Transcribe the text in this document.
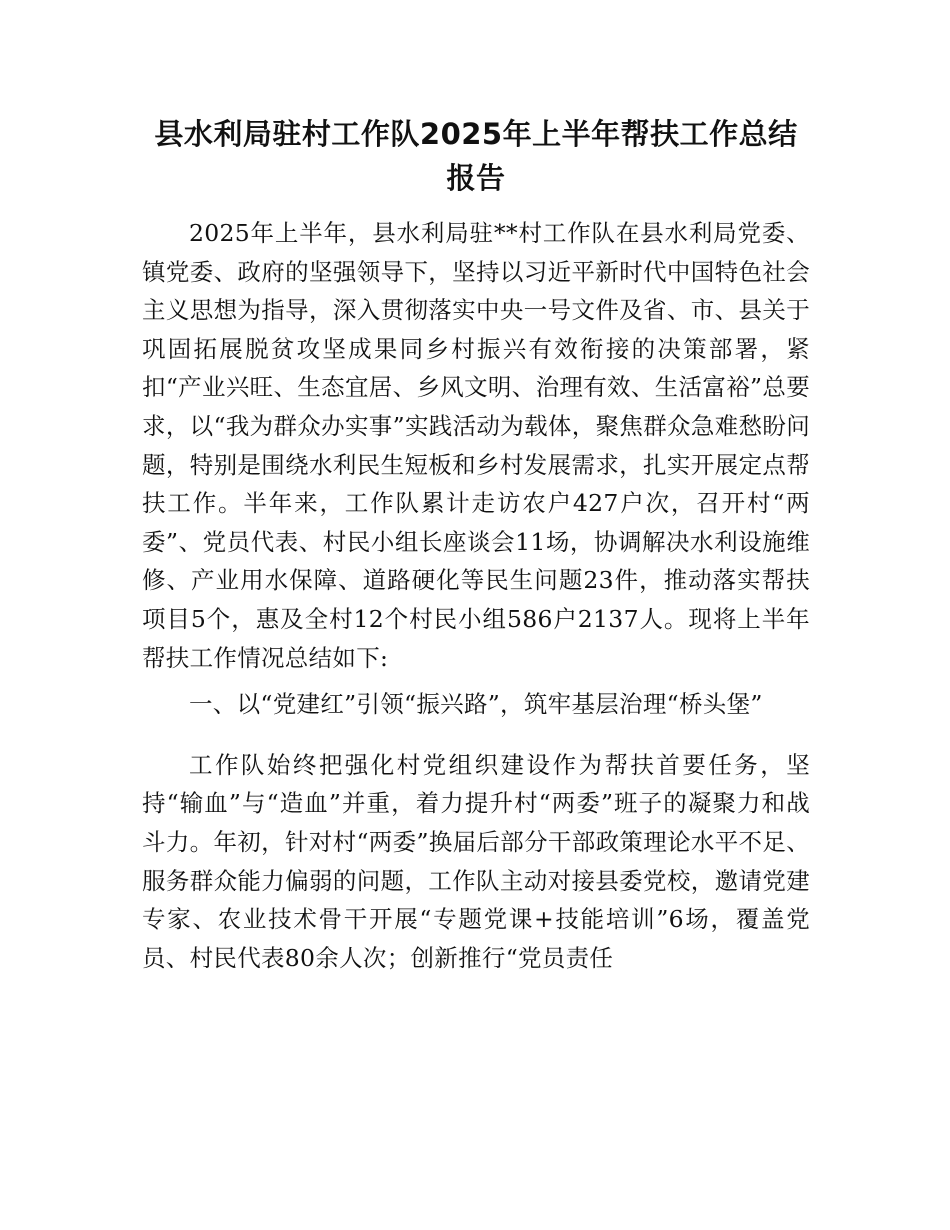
县水利局驻村工作队2025年上半年帮扶工作总结报告

2025年上半年，县水利局驻**村工作队在县水利局党委、镇党委、政府的坚强领导下，坚持以习近平新时代中国特色社会主义思想为指导，深入贯彻落实中央一号文件及省、市、县关于巩固拓展脱贫攻坚成果同乡村振兴有效衔接的决策部署，紧扣“产业兴旺、生态宜居、乡风文明、治理有效、生活富裕”总要求，以“我为群众办实事”实践活动为载体，聚焦群众急难愁盼问题，特别是围绕水利民生短板和乡村发展需求，扎实开展定点帮扶工作。半年来，工作队累计走访农户427户次，召开村“两委”、党员代表、村民小组长座谈会11场，协调解决水利设施维修、产业用水保障、道路硬化等民生问题23件，推动落实帮扶项目5个，惠及全村12个村民小组586户2137人。现将上半年帮扶工作情况总结如下:

一、以“党建红”引领“振兴路”，筑牢基层治理“桥头堡”

工作队始终把强化村党组织建设作为帮扶首要任务，坚持“输血”与“造血”并重，着力提升村“两委”班子的凝聚力和战斗力。年初，针对村“两委”换届后部分干部政策理论水平不足、服务群众能力偏弱的问题，工作队主动对接县委党校，邀请党建专家、农业技术骨干开展“专题党课+技能培训”6场，覆盖党员、村民代表80余人次；创新推行“党员责任
